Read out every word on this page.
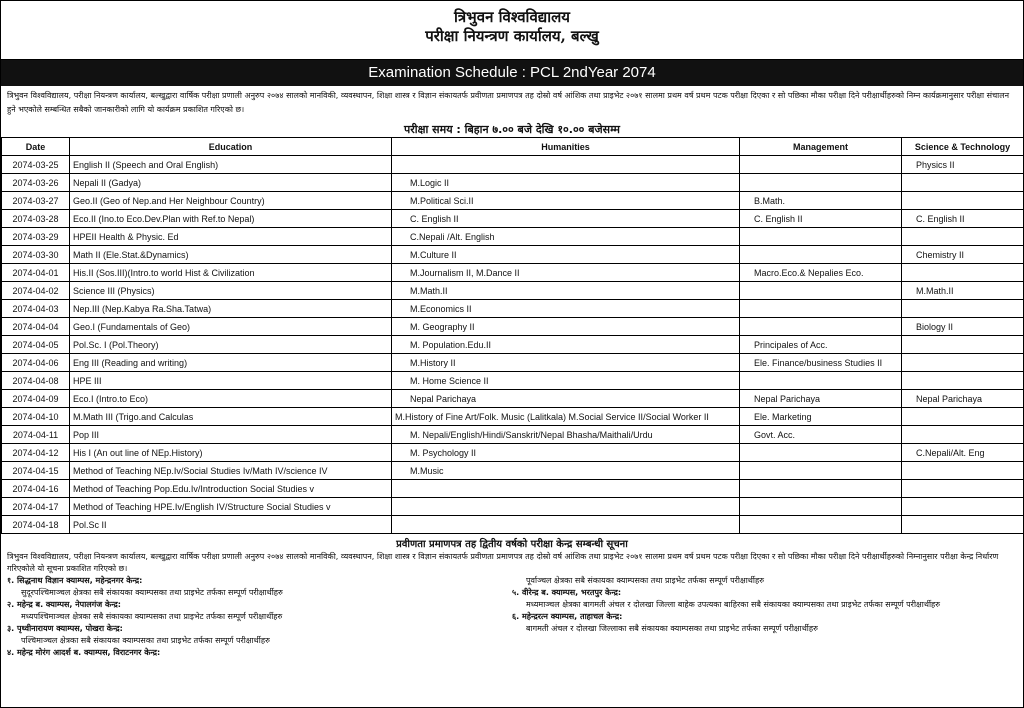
त्रिभुवन विश्वविद्यालय
परीक्षा नियन्त्रण कार्यालय, बल्खु
Examination Schedule : PCL 2ndYear 2074
त्रिभुवन विश्वविद्यालय, परीक्षा नियन्त्रण कार्यालय, बल्खुद्वारा वार्षिक परीक्षा प्रणाली अनुरुप २०७४ सालको मानविकी, व्यवस्थापन, शिक्षा शास्त्र र विज्ञान संकायतर्फ प्रवीणता प्रमाणपत्र तह दोस्रो वर्ष आंशिक तथा प्राइभेट २०७१ सालमा प्रथम वर्ष प्रथम पटक परीक्षा दिएका र सो पछिका मौका परीक्षा दिने परीक्षार्थीहरुको निम्न कार्यक्रमानुसार परीक्षा संचालन हुने भएकोले सम्बन्धित सबैको जानकारीको लागि यो कार्यक्रम प्रकाशित गरिएको छ।
परीक्षा समय : बिहान ७.०० बजे देखि १०.०० बजेसम्म
Date	Education	Humanities	Management	Science & Technology
2074-03-25	English II (Speech and Oral English)			Physics II
2074-03-26	Nepali II (Gadya)	M.Logic II		
2074-03-27	Geo.II (Geo of Nep.and Her Neighbour Country)	M.Political Sci.II	B.Math.	
2074-03-28	Eco.II (Ino.to Eco.Dev.Plan with Ref.to Nepal)	C. English II	C. English II	C. English II
2074-03-29	HPEII Health & Physic. Ed	C.Nepali /Alt. English		
2074-03-30	Math II (Ele.Stat.&Dynamics)	M.Culture II		Chemistry II
2074-04-01	His.II (Sos.III)(Intro.to world Hist & Civilization	M.Journalism II, M.Dance II	Macro.Eco.& Nepalies Eco.	
2074-04-02	Science III (Physics)	M.Math.II		M.Math.II
2074-04-03	Nep.III (Nep.Kabya Ra.Sha.Tatwa)	M.Economics II		
2074-04-04	Geo.I (Fundamentals of Geo)	M. Geography II		Biology II
2074-04-05	Pol.Sc. I (Pol.Theory)	M. Population.Edu.II	Principales of Acc.	
2074-04-06	Eng III (Reading and writing)	M.History II	Ele. Finance/business Studies II	
2074-04-08	HPE III	M. Home Science II		
2074-04-09	Eco.I (Intro.to Eco)	Nepal Parichaya	Nepal Parichaya	Nepal Parichaya
2074-04-10	M.Math III (Trigo.and Calculas	M.History of Fine Art/Folk. Music (Lalitkala) M.Social Service II/Social Worker II	Ele. Marketing	
2074-04-11	Pop III	M. Nepali/English/Hindi/Sanskrit/Nepal Bhasha/Maithali/Urdu	Govt. Acc.	
2074-04-12	His I (An out line of NEp.History)	M. Psychology II		C.Nepali/Alt. Eng
2074-04-15	Method of Teaching NEp.Iv/Social Studies Iv/Math IV/science IV	M.Music		
2074-04-16	Method of Teaching Pop.Edu.Iv/Introduction Social Studies v			
2074-04-17	Method of Teaching HPE.Iv/English IV/Structure Social Studies v			
2074-04-18	Pol.Sc II			
प्रवीणता प्रमाणपत्र तह द्वितीय वर्षको परीक्षा केन्द्र सम्बन्धी सूचना
त्रिभुवन विश्वविद्यालय, परीक्षा नियन्त्रण कार्यालय, बल्खुद्वारा वार्षिक परीक्षा प्रणाली अनुरुप २०७४ सालको मानविकी, व्यवस्थापन, शिक्षा शास्त्र र विज्ञान संकायतर्फ प्रवीणता प्रमाणपत्र तह दोस्रो वर्ष आंशिक तथा प्राइभेट २०७१ सालमा प्रथम वर्ष प्रथम पटक परीक्षा दिएका र सो पछिका मौका परीक्षा दिने परीक्षार्थीहरुको निम्नानुसार परीक्षा केन्द्र निर्धारण गरिएकोले यो सूचना प्रकाशित गरिएको छ।
१. सिद्धनाथ विज्ञान क्याम्पस, महेन्द्रनगर केन्द्र:
सुदूरपश्चिमाञ्चल क्षेत्रका सबै संकायका क्याम्पसका तथा प्राइभेट तर्फका सम्पूर्ण परीक्षार्थीहरु
२. महेन्द्र ब. क्याम्पस, नेपालगंज केन्द्र:
मध्यपश्चिमाञ्चल क्षेत्रका सबै संकायका क्याम्पसका तथा प्राइभेट तर्फका सम्पूर्ण परीक्षार्थीहरु
३. पृथ्वीनारायण क्याम्पस, पोखरा केन्द्र:
पश्चिमाञ्चल क्षेत्रका सबै संकायका क्याम्पसका तथा प्राइभेट तर्फका सम्पूर्ण परीक्षार्थीहरु
४. महेन्द्र मोरंग आदर्श ब. क्याम्पस, विराटनगर केन्द्र:
पूर्वाञ्चल क्षेत्रका सबै संकायका क्याम्पसका तथा प्राइभेट तर्फका सम्पूर्ण परीक्षार्थीहरु
५. वीरेन्द्र ब. क्याम्पस, भरतपुर केन्द्र:
मध्यमाञ्चल क्षेत्रका बागमती अंचल र दोलखा जिल्ला बाहेक उपत्यका बाहिरका सबै संकायका क्याम्पसका तथा प्राइभेट तर्फका सम्पूर्ण परीक्षार्थीहरु
६. महेन्द्ररत्न क्याम्पस, ताहाचल केन्द्र:
बागमती अंचल र दोलखा जिल्लाका सबै संकायका क्याम्पसका तथा प्राइभेट तर्फका सम्पूर्ण परीक्षार्थीहरु
